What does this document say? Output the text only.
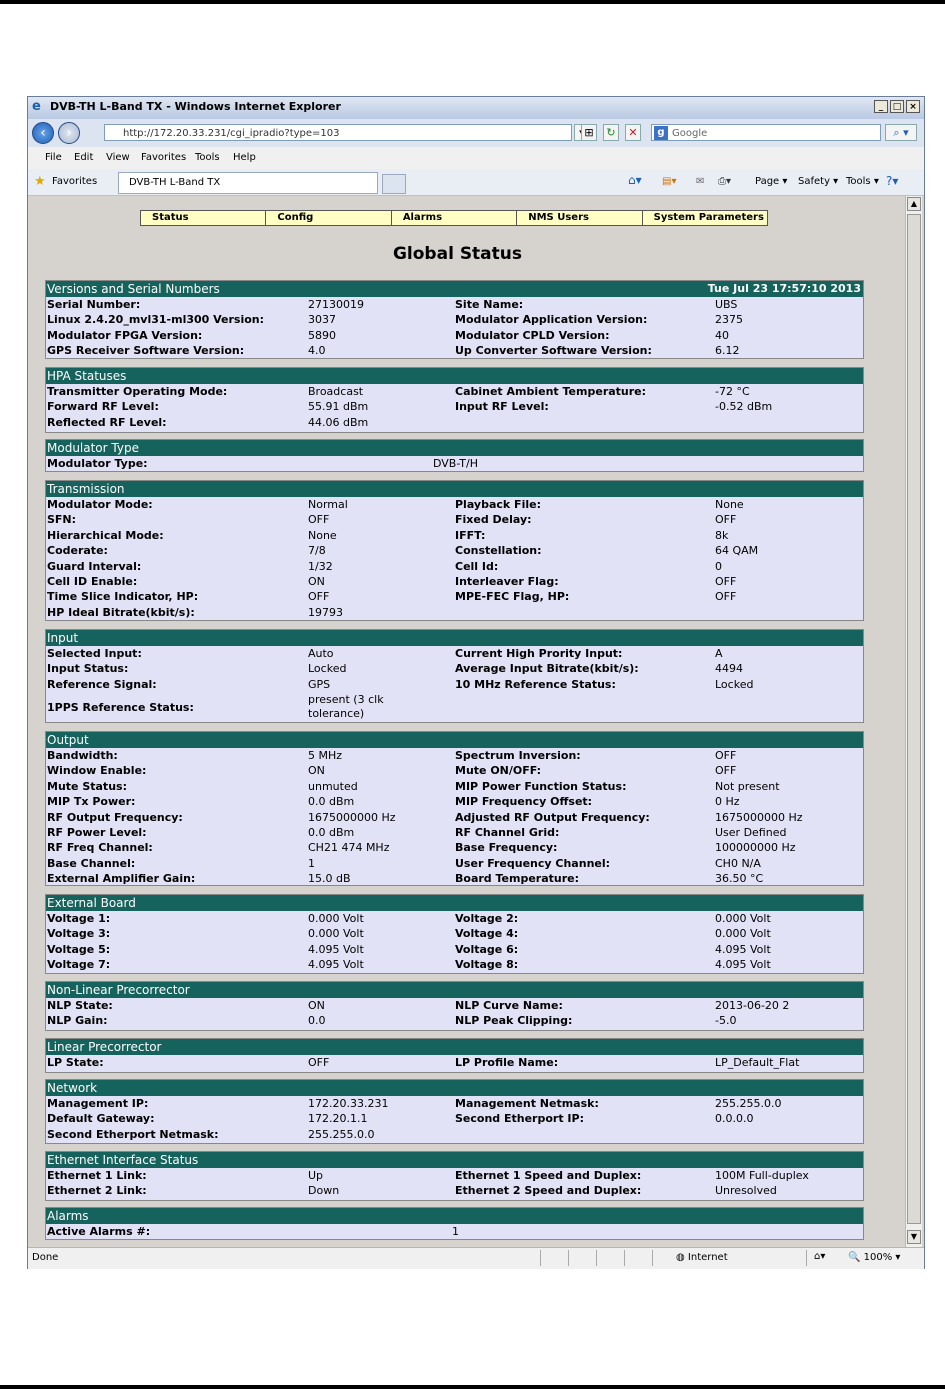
e DVB-TH L-Band TX - Windows Internet Explorer	_	□ ×
‹	›	http://172.20.33.231/cgi_ipradio?type=103	⊞	↻	✕	g Google	⌕ ▾
File Edit View Favorites Tools Help
★ Favorites	DVB-TH L-Band TX	⌂▾ ▤▾ ✉ ⎙▾ Page ▾ Safety ▾ Tools ▾ ?▾
Status	Config	Alarms	NMS Users	System Parameters
Global Status
Versions and Serial Numbers	Tue Jul 23 17:57:10 2013
Serial Number:	27130019	Site Name:	UBS
Linux 2.4.20_mvl31-ml300 Version:	3037	Modulator Application Version:	2375
Modulator FPGA Version:	5890	Modulator CPLD Version:	40
GPS Receiver Software Version:	4.0	Up Converter Software Version:	6.12
HPA Statuses
Transmitter Operating Mode:	Broadcast	Cabinet Ambient Temperature:	-72 °C
Forward RF Level:	55.91 dBm	Input RF Level:	-0.52 dBm
Reflected RF Level:	44.06 dBm
Modulator Type
Modulator Type:	DVB-T/H
Transmission
Modulator Mode:	Normal	Playback File:	None
SFN:	OFF	Fixed Delay:	OFF
Hierarchical Mode:	None	IFFT:	8k
Coderate:	7/8	Constellation:	64 QAM
Guard Interval:	1/32	Cell Id:	0
Cell ID Enable:	ON	Interleaver Flag:	OFF
Time Slice Indicator, HP:	OFF	MPE-FEC Flag, HP:	OFF
HP Ideal Bitrate(kbit/s):	19793
Input
Selected Input:	Auto	Current High Prority Input:	A
Input Status:	Locked	Average Input Bitrate(kbit/s):	4494
Reference Signal:	GPS	10 MHz Reference Status:	Locked
1PPS Reference Status:
present (3 clk tolerance)
Output
Bandwidth:	5 MHz	Spectrum Inversion:	OFF
Window Enable:	ON	Mute ON/OFF:	OFF
Mute Status:	unmuted	MIP Power Function Status:	Not present
MIP Tx Power:	0.0 dBm	MIP Frequency Offset:	0 Hz
RF Output Frequency:	1675000000 Hz	Adjusted RF Output Frequency:	1675000000 Hz
RF Power Level:	0.0 dBm	RF Channel Grid:	User Defined
RF Freq Channel:	CH21 474 MHz	Base Frequency:	100000000 Hz
Base Channel:	1	User Frequency Channel:	CH0 N/A
External Amplifier Gain:	15.0 dB	Board Temperature:	36.50 °C
External Board
Voltage 1:	0.000 Volt	Voltage 2:	0.000 Volt
Voltage 3:	0.000 Volt	Voltage 4:	0.000 Volt
Voltage 5:	4.095 Volt	Voltage 6:	4.095 Volt
Voltage 7:	4.095 Volt	Voltage 8:	4.095 Volt
Non-Linear Precorrector
NLP State:	ON	NLP Curve Name:	2013-06-20 2
NLP Gain:	0.0	NLP Peak Clipping:	-5.0
Linear Precorrector
LP State:	OFF	LP Profile Name:	LP_Default_Flat
Network
Management IP:	172.20.33.231	Management Netmask:	255.255.0.0
Default Gateway:	172.20.1.1	Second Etherport IP:	0.0.0.0
Second Etherport Netmask:	255.255.0.0
Ethernet Interface Status
Ethernet 1 Link:	Up	Ethernet 1 Speed and Duplex:	100M Full-duplex
Ethernet 2 Link:	Down	Ethernet 2 Speed and Duplex:	Unresolved
Alarms
Active Alarms #:	1
▲
▼
Done	◍ Internet	⌂▾ 🔍 100% ▾
